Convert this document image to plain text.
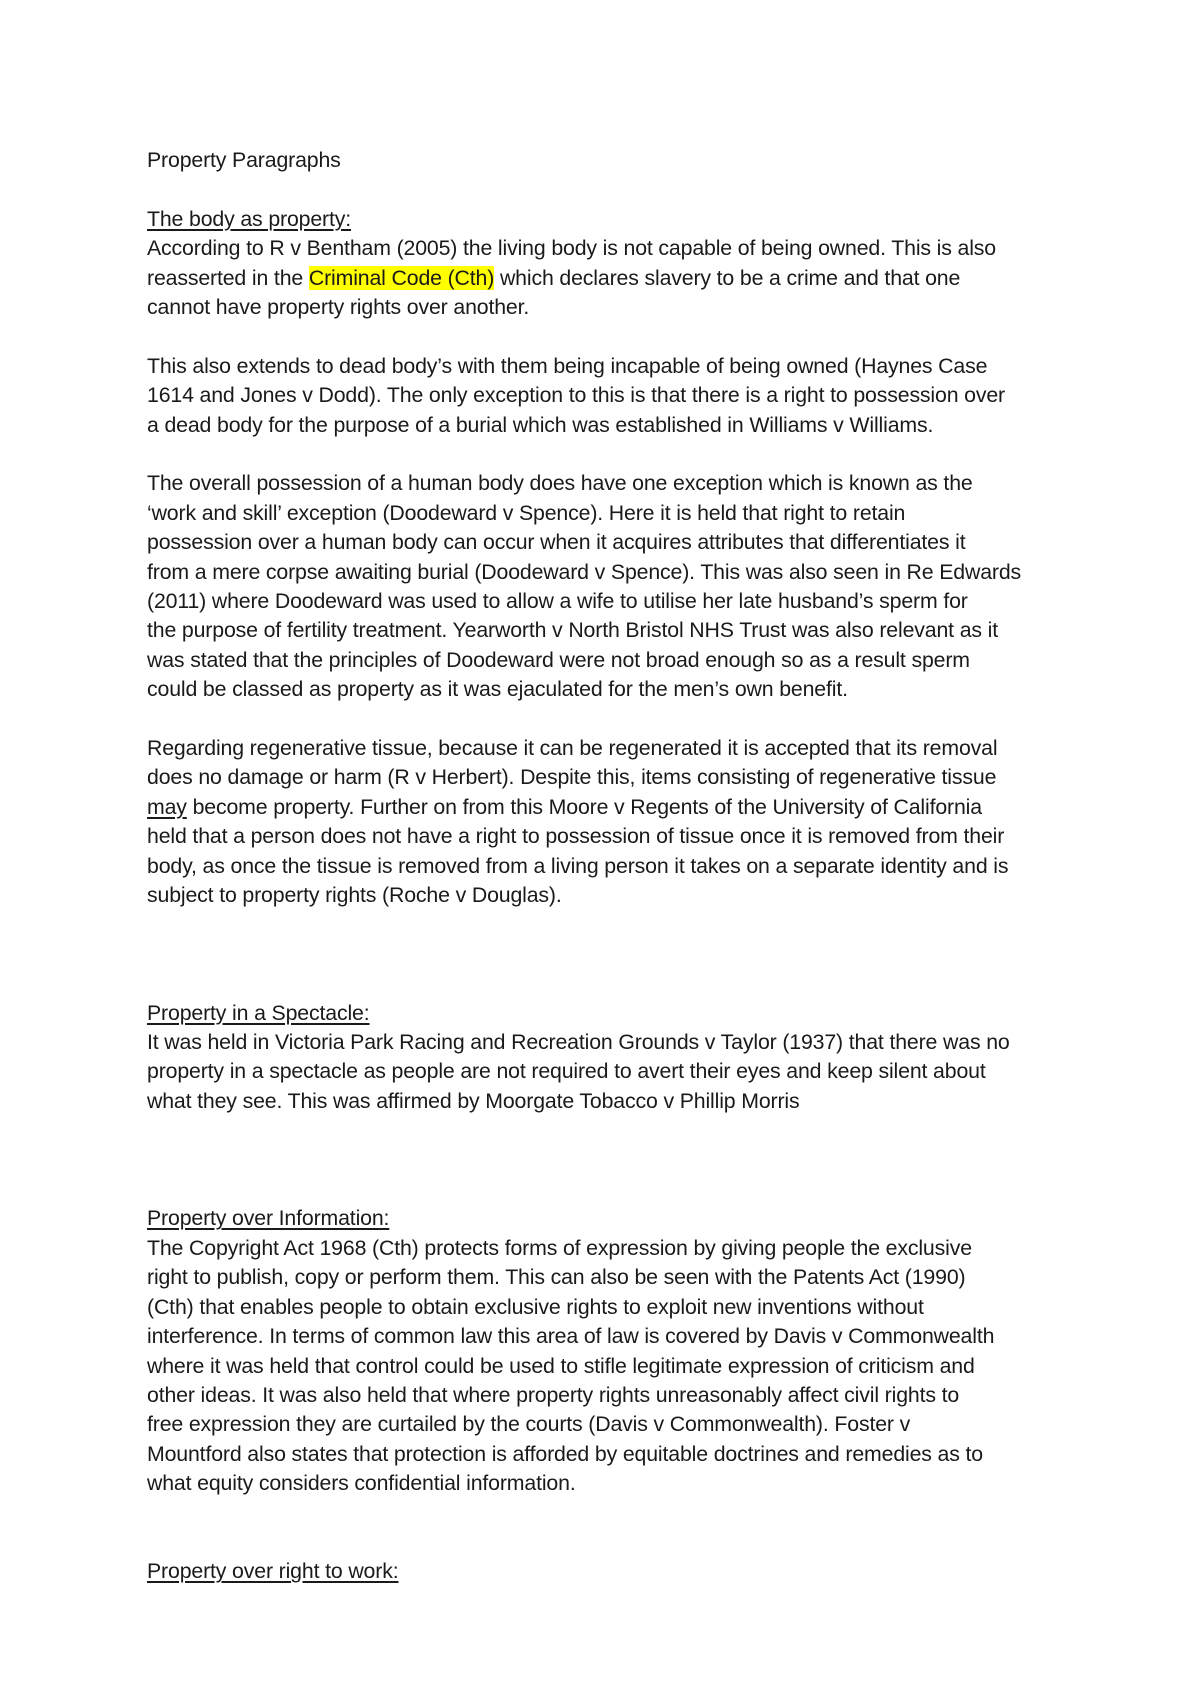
Property Paragraphs
The body as property:
According to R v Bentham (2005) the living body is not capable of being owned. This is also
reasserted in the Criminal Code (Cth) which declares slavery to be a crime and that one
cannot have property rights over another.
This also extends to dead body’s with them being incapable of being owned (Haynes Case
1614 and Jones v Dodd). The only exception to this is that there is a right to possession over
a dead body for the purpose of a burial which was established in Williams v Williams.
The overall possession of a human body does have one exception which is known as the
‘work and skill’ exception (Doodeward v Spence). Here it is held that right to retain
possession over a human body can occur when it acquires attributes that differentiates it
from a mere corpse awaiting burial (Doodeward v Spence). This was also seen in Re Edwards
(2011) where Doodeward was used to allow a wife to utilise her late husband’s sperm for
the purpose of fertility treatment. Yearworth v North Bristol NHS Trust was also relevant as it
was stated that the principles of Doodeward were not broad enough so as a result sperm
could be classed as property as it was ejaculated for the men’s own benefit.
Regarding regenerative tissue, because it can be regenerated it is accepted that its removal
does no damage or harm (R v Herbert). Despite this, items consisting of regenerative tissue
may become property. Further on from this Moore v Regents of the University of California
held that a person does not have a right to possession of tissue once it is removed from their
body, as once the tissue is removed from a living person it takes on a separate identity and is
subject to property rights (Roche v Douglas).
Property in a Spectacle:
It was held in Victoria Park Racing and Recreation Grounds v Taylor (1937) that there was no
property in a spectacle as people are not required to avert their eyes and keep silent about
what they see. This was affirmed by Moorgate Tobacco v Phillip Morris
Property over Information:
The Copyright Act 1968 (Cth) protects forms of expression by giving people the exclusive
right to publish, copy or perform them. This can also be seen with the Patents Act (1990)
(Cth) that enables people to obtain exclusive rights to exploit new inventions without
interference. In terms of common law this area of law is covered by Davis v Commonwealth
where it was held that control could be used to stifle legitimate expression of criticism and
other ideas. It was also held that where property rights unreasonably affect civil rights to
free expression they are curtailed by the courts (Davis v Commonwealth). Foster v
Mountford also states that protection is afforded by equitable doctrines and remedies as to
what equity considers confidential information.
Property over right to work:
